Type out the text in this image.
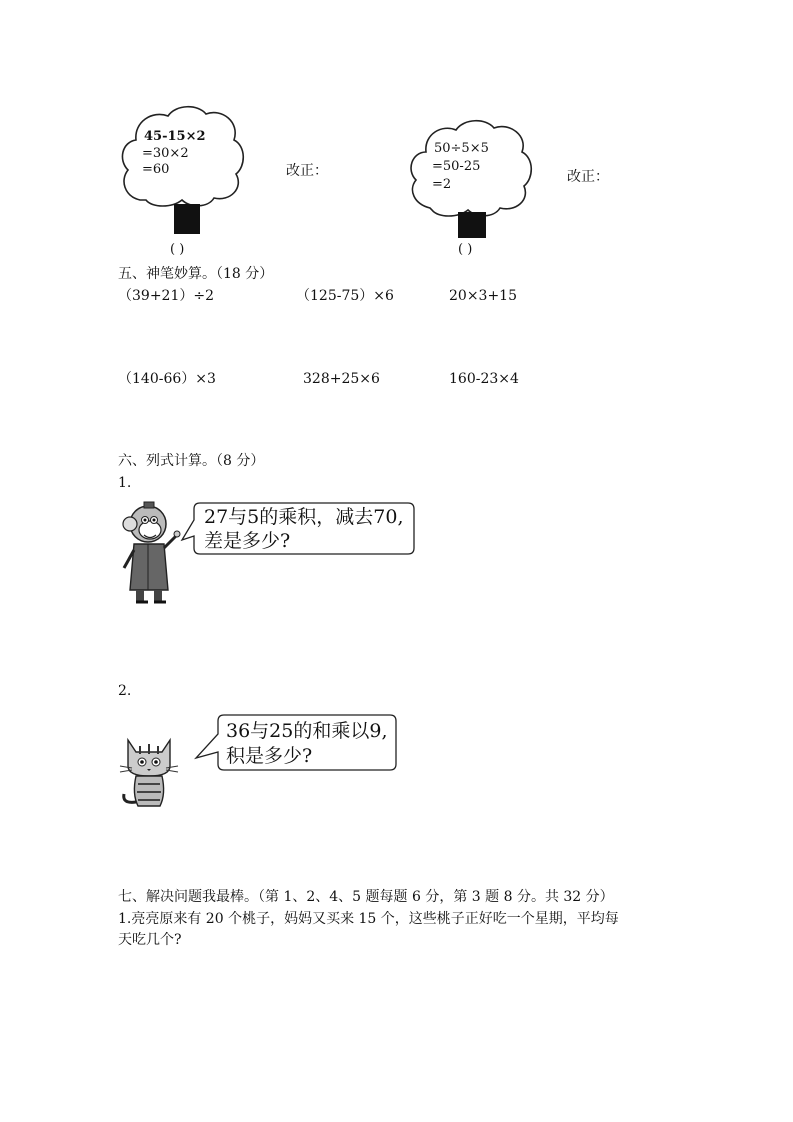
45-15×2
=30×2
=60
( )
改正：
50÷5×5
=50-25
=2
( )
改正：
五、神笔妙算。（18 分）
（39+21）÷2	（125-75）×6	20×3+15
（140-66）×3	328+25×6	160-23×4
六、列式计算。（8 分）
1.
27与5的乘积，减去70,
差是多少?
2.
36与25的和乘以9,
积是多少?
七、解决问题我最棒。（第 1、2、4、5 题每题 6 分，第 3 题 8 分。共 32 分）
1.亮亮原来有 20 个桃子，妈妈又买来 15 个，这些桃子正好吃一个星期，平均每
天吃几个?
